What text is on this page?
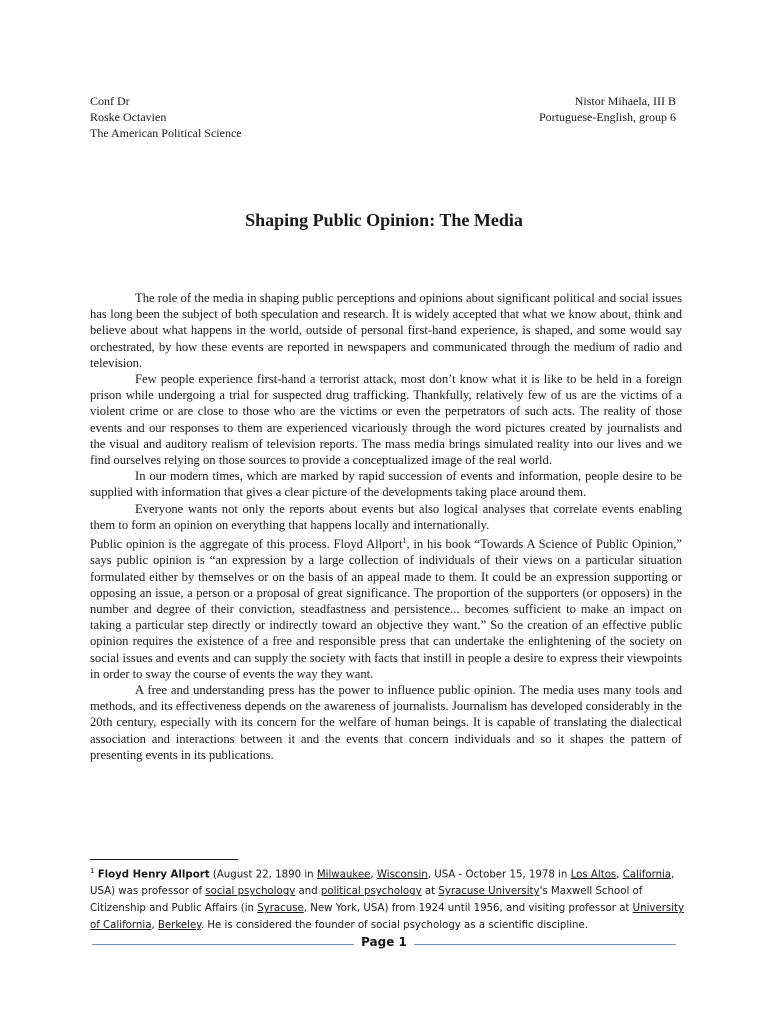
Conf Dr
Roske Octavien
The American Political Science
Nistor Mihaela, III B
Portuguese-English, group 6
Shaping Public Opinion: The Media

The role of the media in shaping public perceptions and opinions about significant political and social issues has long been the subject of both speculation and research. It is widely accepted that what we know about, think and believe about what happens in the world, outside of personal first-hand experience, is shaped, and some would say orchestrated, by how these events are reported in newspapers and communicated through the medium of radio and television.

Few people experience first-hand a terrorist attack, most don’t know what it is like to be held in a foreign prison while undergoing a trial for suspected drug trafficking. Thankfully, relatively few of us are the victims of a violent crime or are close to those who are the victims or even the perpetrators of such acts. The reality of those events and our responses to them are experienced vicariously through the word pictures created by journalists and the visual and auditory realism of television reports. The mass media brings simulated reality into our lives and we find ourselves relying on those sources to provide a conceptualized image of the real world.

In our modern times, which are marked by rapid succession of events and information, people desire to be supplied with information that gives a clear picture of the developments taking place around them.

Everyone wants not only the reports about events but also logical analyses that correlate events enabling them to form an opinion on everything that happens locally and internationally.

Public opinion is the aggregate of this process. Floyd Allport$^1$, in his book “Towards A Science of Public Opinion,” says public opinion is “an expression by a large collection of individuals of their views on a particular situation formulated either by themselves or on the basis of an appeal made to them. It could be an expression supporting or opposing an issue, a person or a proposal of great significance. The proportion of the supporters (or opposers) in the number and degree of their conviction, steadfastness and persistence... becomes sufficient to make an impact on taking a particular step directly or indirectly toward an objective they want.” So the creation of an effective public opinion requires the existence of a free and responsible press that can undertake the enlightening of the society on social issues and events and can supply the society with facts that instill in people a desire to express their viewpoints in order to sway the course of events the way they want.

A free and understanding press has the power to influence public opinion. The media uses many tools and methods, and its effectiveness depends on the awareness of journalists. Journalism has developed considerably in the 20th century, especially with its concern for the welfare of human beings. It is capable of translating the dialectical association and interactions between it and the events that concern individuals and so it shapes the pattern of presenting events in its publications.

$^1$ Floyd Henry Allport (August 22, 1890 in Milwaukee, Wisconsin, USA - October 15, 1978 in Los Altos, California, USA) was professor of social psychology and political psychology at Syracuse University's Maxwell School of Citizenship and Public Affairs (in Syracuse, New York, USA) from 1924 until 1956, and visiting professor at University of California, Berkeley. He is considered the founder of social psychology as a scientific discipline.
Page 1
